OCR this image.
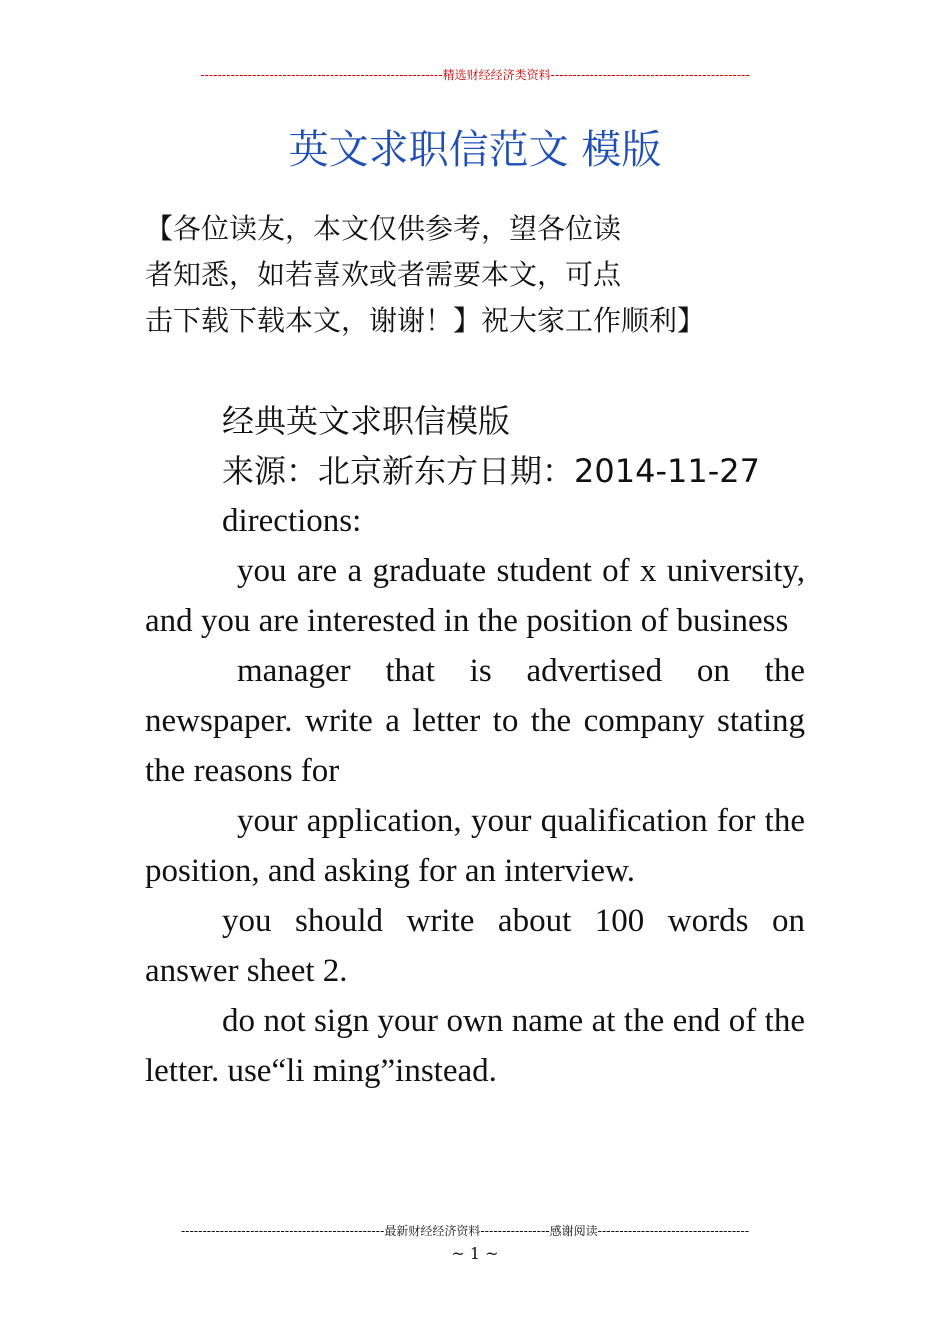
--------------------------------------------------------精选财经经济类资料----------------------------------------------
英文求职信范文 模版
【各位读友，本文仅供参考，望各位读
者知悉，如若喜欢或者需要本文，可点
击下载下载本文，谢谢！】祝大家工作顺利】

经典英文求职信模版

来源：北京新东方日期：2014-11-27

directions:

you are a graduate student of x university, and you are interested in the position of business

manager that is advertised on the newspaper. write a letter to the company stating the reasons for

your application, your qualification for the position, and asking for an interview.

you should write about 100 words on answer sheet 2.

do not sign your own name at the end of the letter. use“li ming”instead.

-----------------------------------------------最新财经经济资料----------------感谢阅读-----------------------------------
~ 1 ~
